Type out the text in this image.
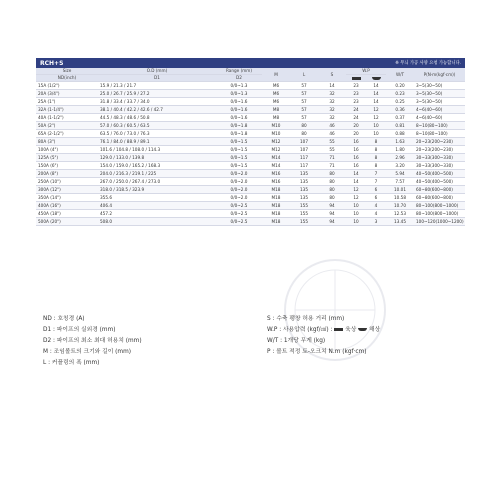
RCH+S	※ 무늬 가공 사양 요청 가능합니다.
Size	O.D (mm)	Range (mm)	M	L	S	W.P		W/T	P(N·m(kgf·cm))
ND(inch)	D1	D2							
15A (1/2")	15.9 / 21.3 / 21.7	0/0~1.3	M6	57	14	23	14	0.20	3~5(30~50)
20A (3/4")	25.0 / 26.7 / 25.9 / 27.2	0/0~1.3	M6	57	32	23	14	0.23	3~5(30~50)
25A (1")	31.8 / 33.4 / 33.7 / 34.0	0/0~1.6	M6	57	32	23	14	0.25	3~5(30~50)
32A (1-1/4")	38.1 / 40.4 / 42.2 / 42.6 / 42.7	0/0~1.6	M8	57	32	24	12	0.36	4~6(40~60)
40A (1-1/2")	44.5 / 48.3 / 48.6 / 50.8	0/0~1.6	M8	57	32	24	12	0.37	4~6(40~60)
50A (2")	57.0 / 60.3 / 60.5 / 63.5	0/0~1.8	M10	80	46	20	10	0.81	8~10(80~100)
65A (2-1/2")	63.5 / 76.0 / 73.0 / 76.3	0/0~1.8	M10	80	46	20	10	0.88	8~10(80~100)
80A (3")	76.1 / 84.0 / 88.9 / 89.1	0/0~1.5	M12	107	55	16	8	1.63	20~23(200~230)
100A (4")	101.6 / 104.8 / 108.0 / 114.3	0/0~1.5	M12	107	55	16	8	1.80	20~23(200~230)
125A (5")	129.0 / 133.0 / 139.8	0/0~1.5	M14	117	71	16	8	2.96	30~33(300~330)
150A (6")	154.0 / 159.0 / 165.2 / 168.3	0/0~1.5	M14	117	71	16	8	3.20	30~33(300~330)
200A (8")	204.0 / 216.3 / 219.1 / 225	0/0~2.0	M16	135	80	14	7	5.94	40~50(400~500)
250A (10")	267.0 / 250.0 / 267.4 / 273.0	0/0~2.0	M16	135	80	14	7	7.57	40~50(400~500)
300A (12")	318.0 / 318.5 / 323.9	0/0~2.0	M18	135	80	12	6	10.01	60~80(600~800)
350A (14")	355.6	0/0~2.0	M18	135	80	12	6	10.58	60~80(600~800)
400A (16")	406.4	0/0~2.5	M18	155	94	10	4	10.70	80~100(800~1000)
450A (18")	457.2	0/0~2.5	M18	155	94	10	4	12.53	80~100(800~1000)
500A (20")	508.0	0/0~2.5	M18	155	94	10	3	13.45	100~120(1000~1200)
ND : 호칭경 (A)
D1 : 파이프의 실외경 (mm)
D2 : 파이프의 최소 최대 허용치 (mm)
M : 조임볼트의 크기와 길이 (mm)
L : 커플링의 폭 (mm)
S : 수축 팽창 허용 거리 (mm)
W.P : 사용압력 (kgf/㎠) : 육상 해상
W/T : 1개당 무게 (kg)
P : 볼트 적정 토-오크치 N.m (kgf·cm)
